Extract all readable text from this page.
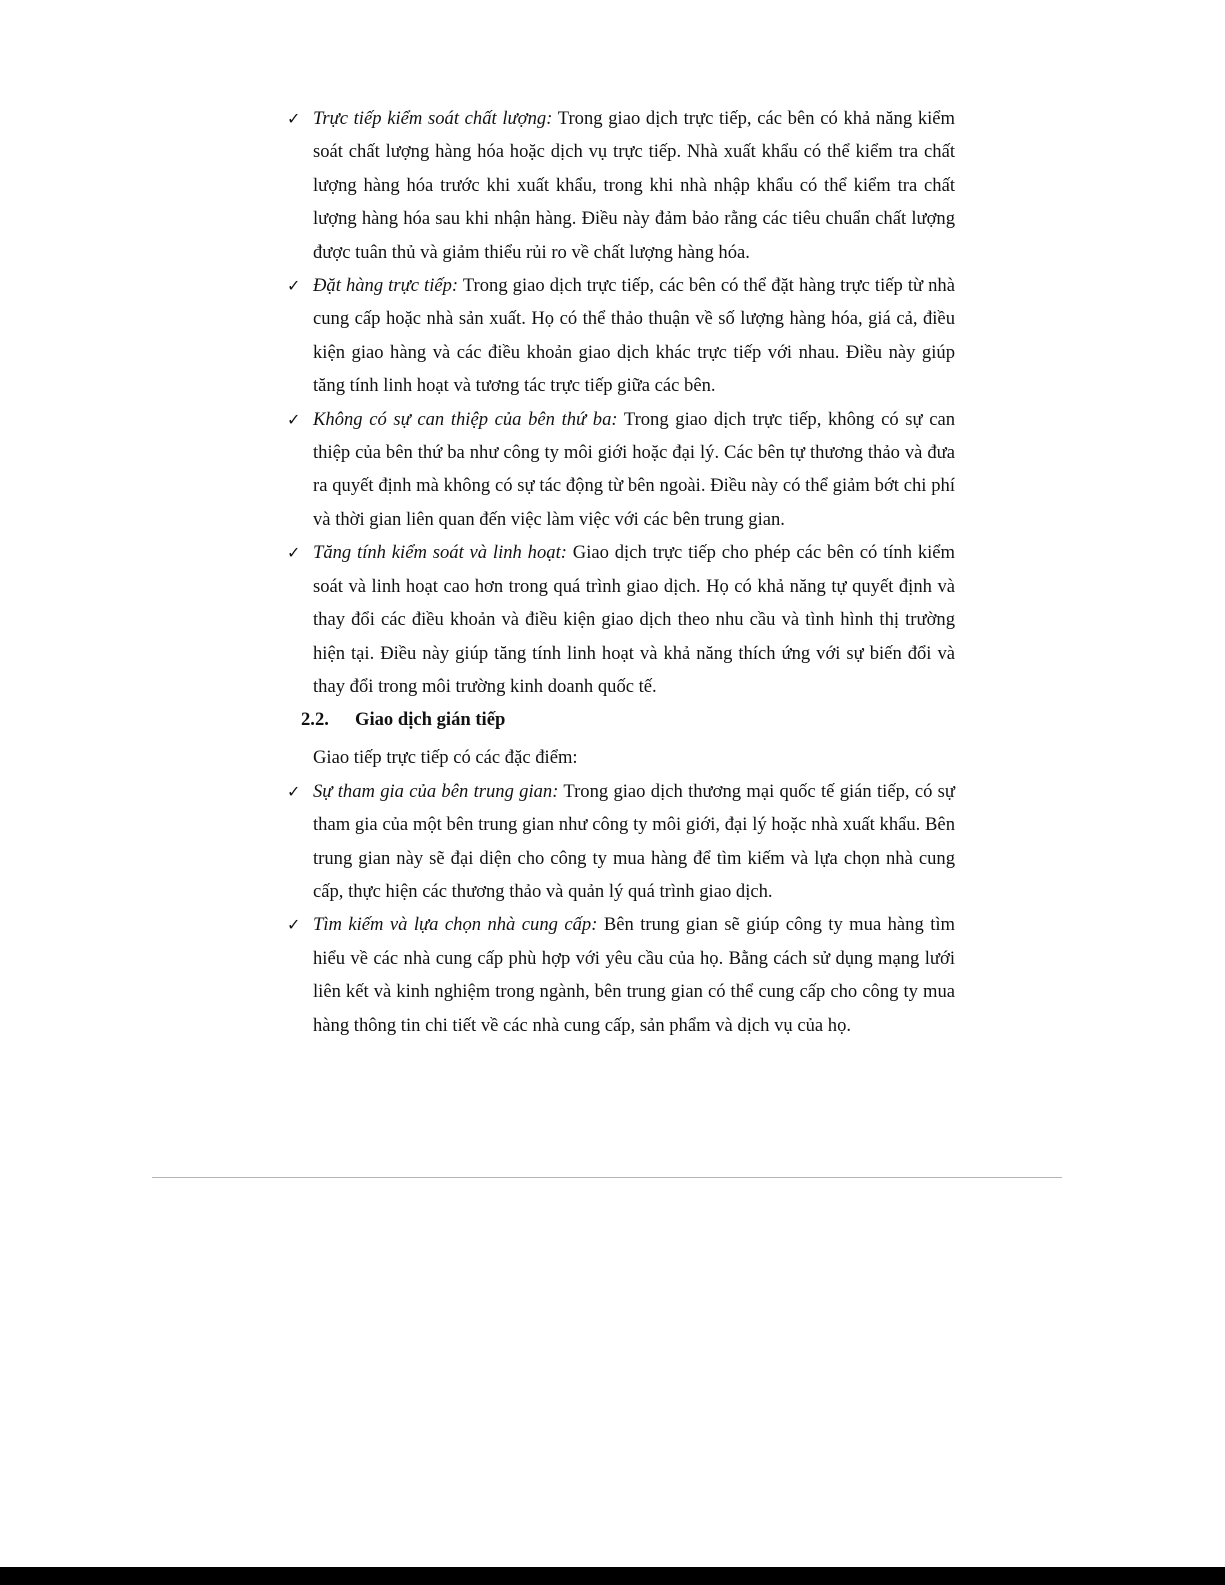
✓ Trực tiếp kiểm soát chất lượng: Trong giao dịch trực tiếp, các bên có khả năng kiểm soát chất lượng hàng hóa hoặc dịch vụ trực tiếp. Nhà xuất khẩu có thể kiểm tra chất lượng hàng hóa trước khi xuất khẩu, trong khi nhà nhập khẩu có thể kiểm tra chất lượng hàng hóa sau khi nhận hàng. Điều này đảm bảo rằng các tiêu chuẩn chất lượng được tuân thủ và giảm thiểu rủi ro về chất lượng hàng hóa.

✓ Đặt hàng trực tiếp: Trong giao dịch trực tiếp, các bên có thể đặt hàng trực tiếp từ nhà cung cấp hoặc nhà sản xuất. Họ có thể thảo thuận về số lượng hàng hóa, giá cả, điều kiện giao hàng và các điều khoản giao dịch khác trực tiếp với nhau. Điều này giúp tăng tính linh hoạt và tương tác trực tiếp giữa các bên.

✓ Không có sự can thiệp của bên thứ ba: Trong giao dịch trực tiếp, không có sự can thiệp của bên thứ ba như công ty môi giới hoặc đại lý. Các bên tự thương thảo và đưa ra quyết định mà không có sự tác động từ bên ngoài. Điều này có thể giảm bớt chi phí và thời gian liên quan đến việc làm việc với các bên trung gian.

✓ Tăng tính kiểm soát và linh hoạt: Giao dịch trực tiếp cho phép các bên có tính kiểm soát và linh hoạt cao hơn trong quá trình giao dịch. Họ có khả năng tự quyết định và thay đổi các điều khoản và điều kiện giao dịch theo nhu cầu và tình hình thị trường hiện tại. Điều này giúp tăng tính linh hoạt và khả năng thích ứng với sự biến đổi và thay đổi trong môi trường kinh doanh quốc tế.

2.2.	Giao dịch gián tiếp

Giao tiếp trực tiếp có các đặc điểm:

✓ Sự tham gia của bên trung gian: Trong giao dịch thương mại quốc tế gián tiếp, có sự tham gia của một bên trung gian như công ty môi giới, đại lý hoặc nhà xuất khẩu. Bên trung gian này sẽ đại diện cho công ty mua hàng để tìm kiếm và lựa chọn nhà cung cấp, thực hiện các thương thảo và quản lý quá trình giao dịch.

✓ Tìm kiếm và lựa chọn nhà cung cấp: Bên trung gian sẽ giúp công ty mua hàng tìm hiểu về các nhà cung cấp phù hợp với yêu cầu của họ. Bằng cách sử dụng mạng lưới liên kết và kinh nghiệm trong ngành, bên trung gian có thể cung cấp cho công ty mua hàng thông tin chi tiết về các nhà cung cấp, sản phẩm và dịch vụ của họ.
